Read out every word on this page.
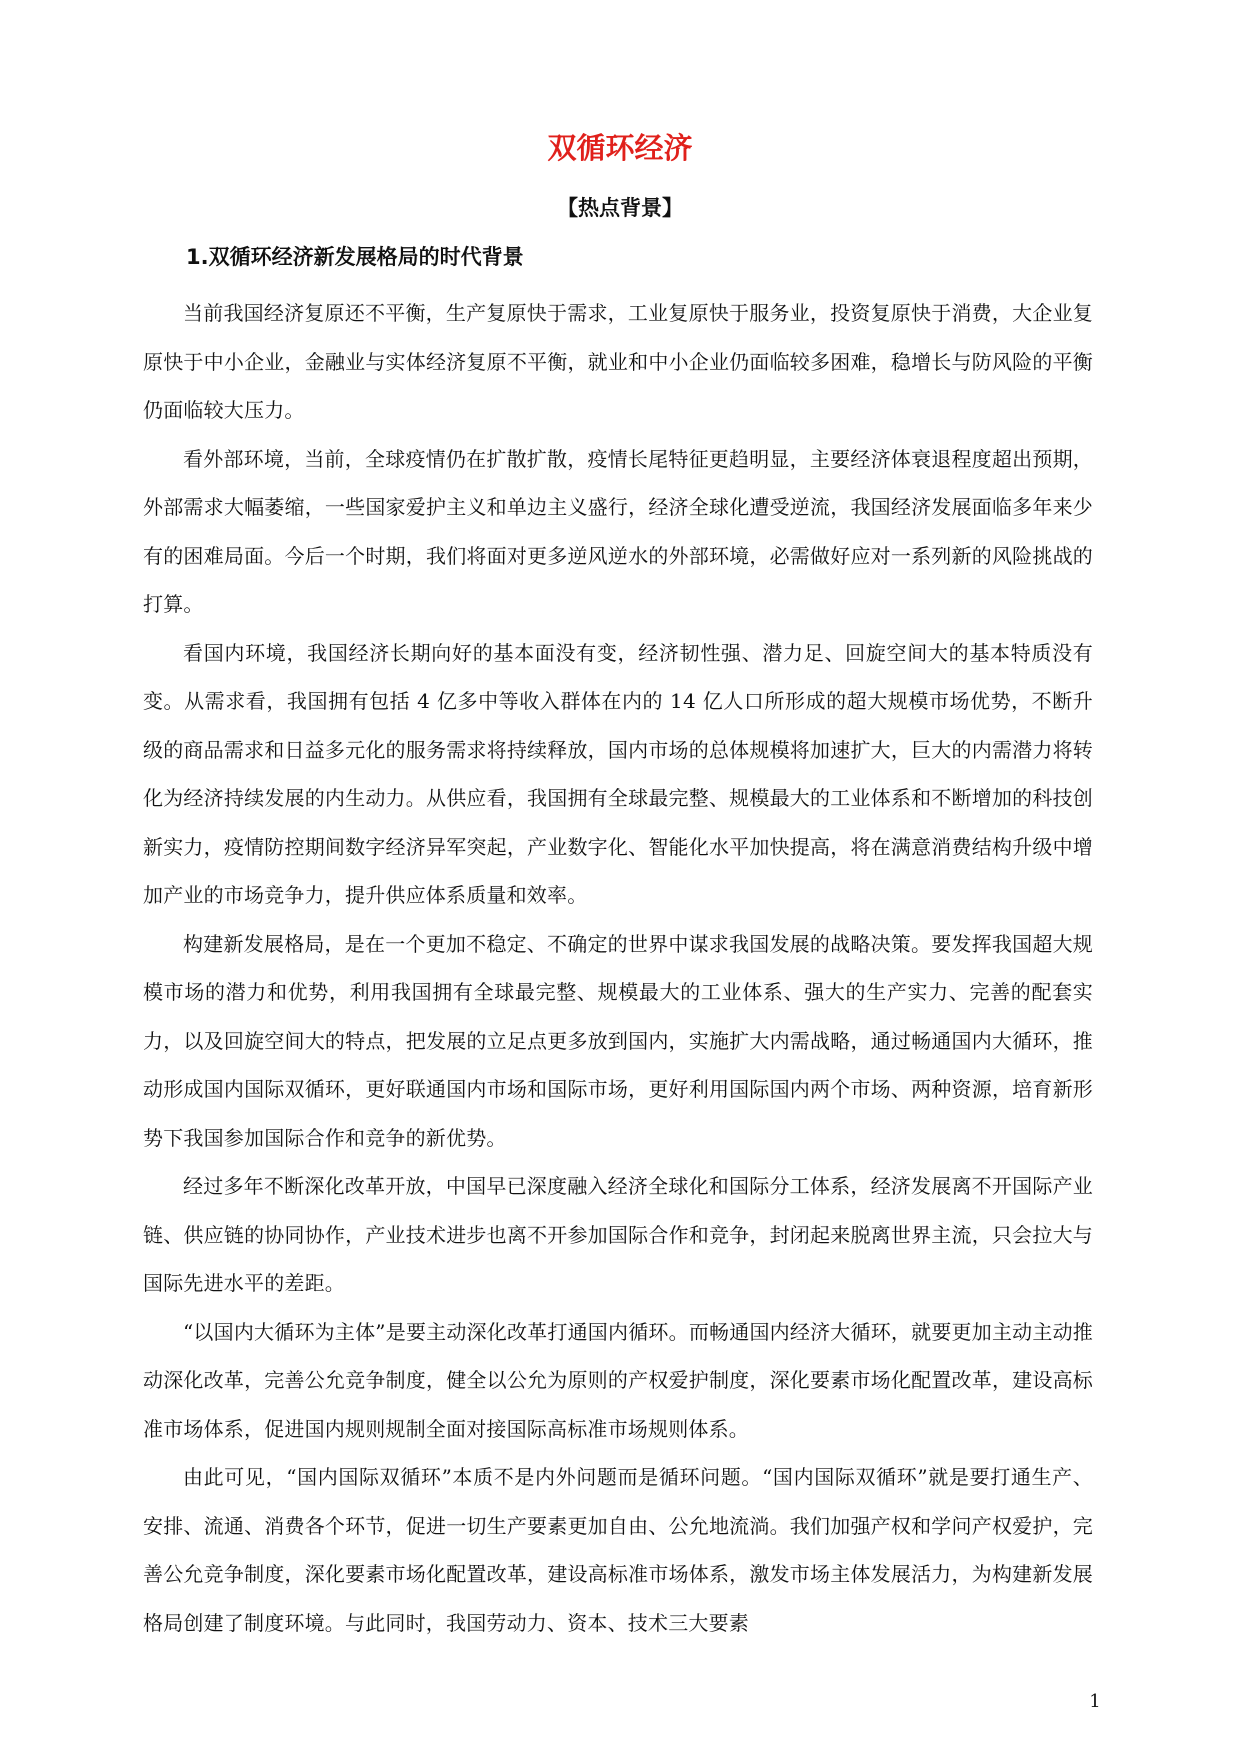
双循环经济
【热点背景】
1.双循环经济新发展格局的时代背景

当前我国经济复原还不平衡，生产复原快于需求，工业复原快于服务业，投资复原快于消费，大企业复原快于中小企业，金融业与实体经济复原不平衡，就业和中小企业仍面临较多困难，稳增长与防风险的平衡仍面临较大压力。

看外部环境，当前，全球疫情仍在扩散扩散，疫情长尾特征更趋明显，主要经济体衰退程度超出预期，外部需求大幅萎缩，一些国家爱护主义和单边主义盛行，经济全球化遭受逆流，我国经济发展面临多年来少有的困难局面。今后一个时期，我们将面对更多逆风逆水的外部环境，必需做好应对一系列新的风险挑战的打算。

看国内环境，我国经济长期向好的基本面没有变，经济韧性强、潜力足、回旋空间大的基本特质没有变。从需求看，我国拥有包括 4 亿多中等收入群体在内的 14 亿人口所形成的超大规模市场优势，不断升级的商品需求和日益多元化的服务需求将持续释放，国内市场的总体规模将加速扩大，巨大的内需潜力将转化为经济持续发展的内生动力。从供应看，我国拥有全球最完整、规模最大的工业体系和不断增加的科技创新实力，疫情防控期间数字经济异军突起，产业数字化、智能化水平加快提高，将在满意消费结构升级中增加产业的市场竞争力，提升供应体系质量和效率。

构建新发展格局，是在一个更加不稳定、不确定的世界中谋求我国发展的战略决策。要发挥我国超大规模市场的潜力和优势，利用我国拥有全球最完整、规模最大的工业体系、强大的生产实力、完善的配套实力，以及回旋空间大的特点，把发展的立足点更多放到国内，实施扩大内需战略，通过畅通国内大循环，推动形成国内国际双循环，更好联通国内市场和国际市场，更好利用国际国内两个市场、两种资源，培育新形势下我国参加国际合作和竞争的新优势。

经过多年不断深化改革开放，中国早已深度融入经济全球化和国际分工体系，经济发展离不开国际产业链、供应链的协同协作，产业技术进步也离不开参加国际合作和竞争，封闭起来脱离世界主流，只会拉大与国际先进水平的差距。

“以国内大循环为主体”是要主动深化改革打通国内循环。而畅通国内经济大循环，就要更加主动主动推动深化改革，完善公允竞争制度，健全以公允为原则的产权爱护制度，深化要素市场化配置改革，建设高标准市场体系，促进国内规则规制全面对接国际高标准市场规则体系。

由此可见，“国内国际双循环”本质不是内外问题而是循环问题。“国内国际双循环”就是要打通生产、安排、流通、消费各个环节，促进一切生产要素更加自由、公允地流淌。我们加强产权和学问产权爱护，完善公允竞争制度，深化要素市场化配置改革，建设高标准市场体系，激发市场主体发展活力，为构建新发展格局创建了制度环境。与此同时，我国劳动力、资本、技术三大要素

1
